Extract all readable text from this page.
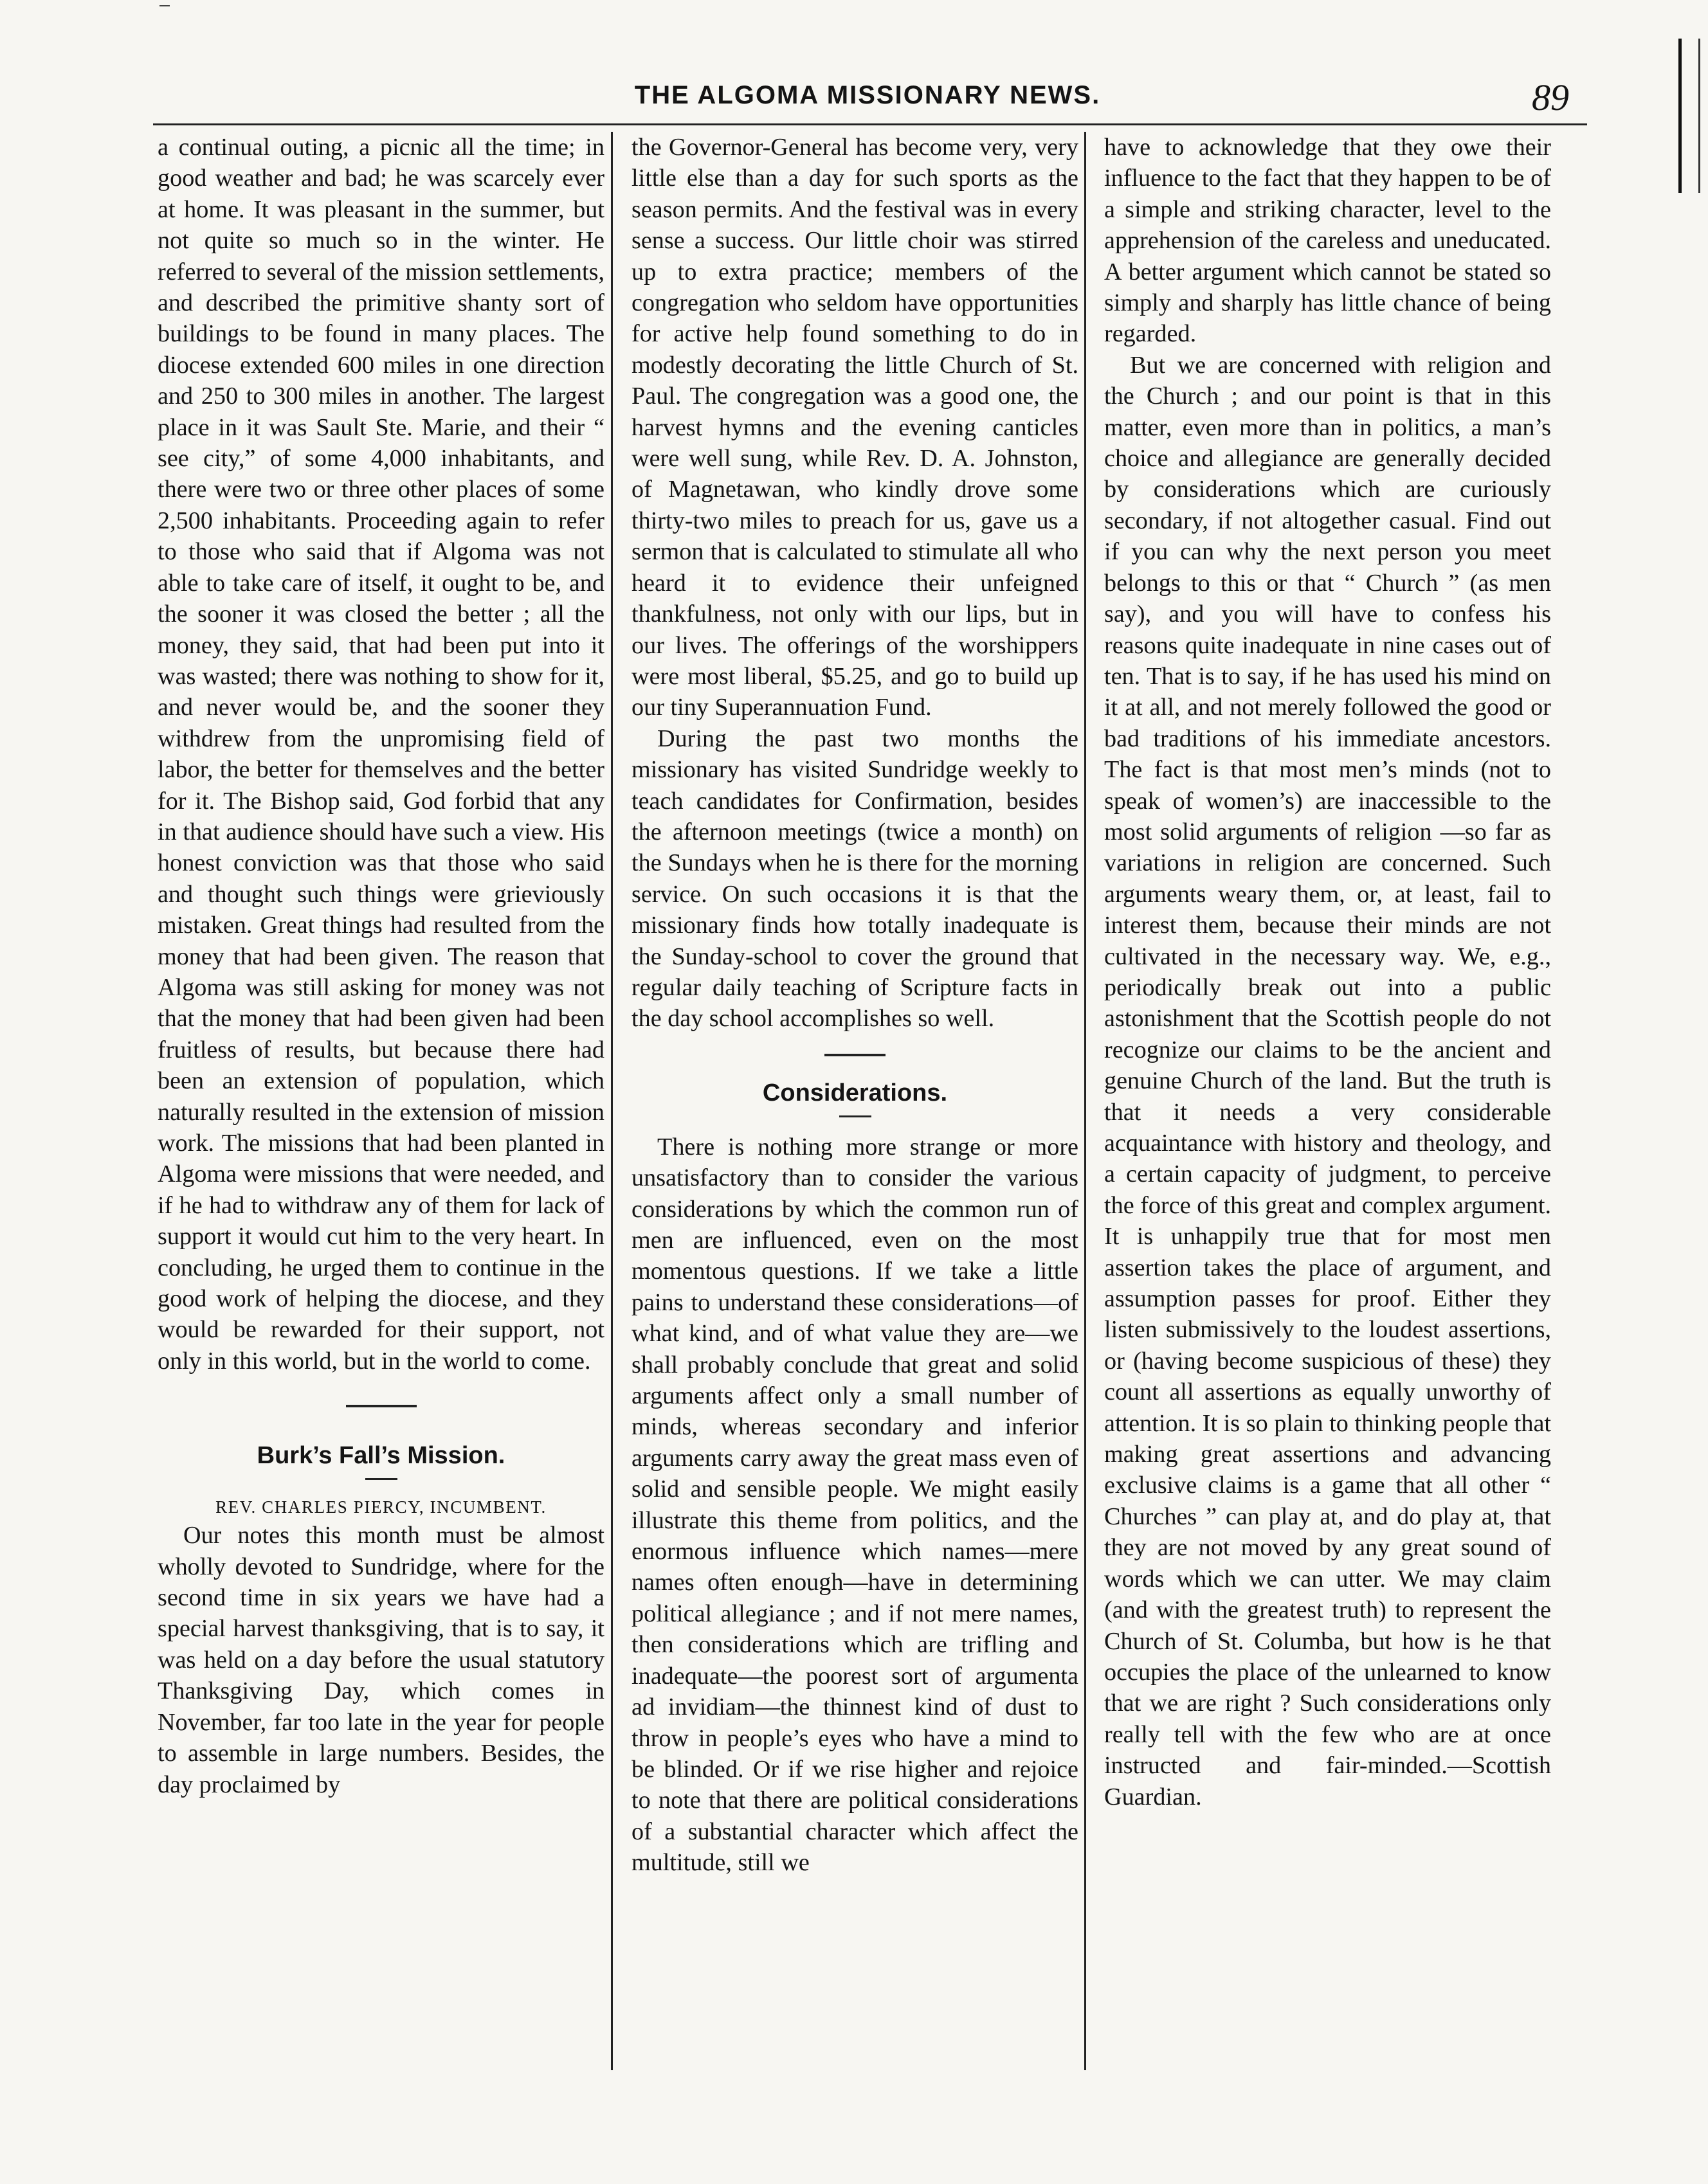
THE ALGOMA MISSIONARY NEWS.	89

a continual outing, a picnic all the time; in good weather and bad; he was scarcely ever at home. It was pleasant in the summer, but not quite so much so in the winter. He referred to several of the mission settlements, and described the primitive shanty sort of buildings to be found in many places. The diocese extended 600 miles in one direction and 250 to 300 miles in another. The largest place in it was Sault Ste. Marie, and their “ see city,” of some 4,000 inhabitants, and there were two or three other places of some 2,500 inhabitants. Proceeding again to refer to those who said that if Algoma was not able to take care of itself, it ought to be, and the sooner it was closed the better ; all the money, they said, that had been put into it was wasted; there was nothing to show for it, and never would be, and the sooner they withdrew from the unpromising field of labor, the better for themselves and the better for it. The Bishop said, God forbid that any in that audience should have such a view. His honest conviction was that those who said and thought such things were grieviously mistaken. Great things had resulted from the money that had been given. The reason that Algoma was still asking for money was not that the money that had been given had been fruitless of results, but because there had been an extension of population, which naturally resulted in the extension of mission work. The missions that had been planted in Algoma were missions that were needed, and if he had to withdraw any of them for lack of support it would cut him to the very heart. In concluding, he urged them to continue in the good work of helping the diocese, and they would be rewarded for their support, not only in this world, but in the world to come.

Burk’s Fall’s Mission.

REV. CHARLES PIERCY, INCUMBENT.

Our notes this month must be almost wholly devoted to Sundridge, where for the second time in six years we have had a special harvest thanksgiving, that is to say, it was held on a day before the usual statutory Thanksgiving Day, which comes in November, far too late in the year for people to assemble in large numbers. Besides, the day proclaimed by

the Governor-General has become very, very little else than a day for such sports as the season permits. And the festival was in every sense a success. Our little choir was stirred up to extra practice; members of the congregation who seldom have opportunities for active help found something to do in modestly decorating the little Church of St. Paul. The congregation was a good one, the harvest hymns and the evening canticles were well sung, while Rev. D. A. Johnston, of Magnetawan, who kindly drove some thirty-two miles to preach for us, gave us a sermon that is calculated to stimulate all who heard it to evidence their unfeigned thankfulness, not only with our lips, but in our lives. The offerings of the worshippers were most liberal, $5.25, and go to build up our tiny Superannuation Fund.

During the past two months the missionary has visited Sundridge weekly to teach candidates for Confirmation, besides the afternoon meetings (twice a month) on the Sundays when he is there for the morning service. On such occasions it is that the missionary finds how totally inadequate is the Sunday-school to cover the ground that regular daily teaching of Scripture facts in the day school accomplishes so well.

Considerations.

There is nothing more strange or more unsatisfactory than to consider the various considerations by which the common run of men are influenced, even on the most momentous questions. If we take a little pains to understand these considerations—of what kind, and of what value they are—we shall probably conclude that great and solid arguments affect only a small number of minds, whereas secondary and inferior arguments carry away the great mass even of solid and sensible people. We might easily illustrate this theme from politics, and the enormous influence which names—mere names often enough—have in determining political allegiance ; and if not mere names, then considerations which are trifling and inadequate—the poorest sort of argumenta ad invidiam—the thinnest kind of dust to throw in people’s eyes who have a mind to be blinded. Or if we rise higher and rejoice to note that there are political considerations of a substantial character which affect the multitude, still we

have to acknowledge that they owe their influence to the fact that they happen to be of a simple and striking character, level to the apprehension of the careless and uneducated. A better argument which cannot be stated so simply and sharply has little chance of being regarded.

But we are concerned with religion and the Church ; and our point is that in this matter, even more than in politics, a man’s choice and allegiance are generally decided by considerations which are curiously secondary, if not altogether casual. Find out if you can why the next person you meet belongs to this or that “ Church ” (as men say), and you will have to confess his reasons quite inadequate in nine cases out of ten. That is to say, if he has used his mind on it at all, and not merely followed the good or bad traditions of his immediate ancestors. The fact is that most men’s minds (not to speak of women’s) are inaccessible to the most solid arguments of religion —so far as variations in religion are concerned. Such arguments weary them, or, at least, fail to interest them, because their minds are not cultivated in the necessary way. We, e.g., periodically break out into a public astonishment that the Scottish people do not recognize our claims to be the ancient and genuine Church of the land. But the truth is that it needs a very considerable acquaintance with history and theology, and a certain capacity of judgment, to perceive the force of this great and complex argument. It is unhappily true that for most men assertion takes the place of argument, and assumption passes for proof. Either they listen submissively to the loudest assertions, or (having become suspicious of these) they count all assertions as equally unworthy of attention. It is so plain to thinking people that making great assertions and advancing exclusive claims is a game that all other “ Churches ” can play at, and do play at, that they are not moved by any great sound of words which we can utter. We may claim (and with the greatest truth) to represent the Church of St. Columba, but how is he that occupies the place of the unlearned to know that we are right ? Such considerations only really tell with the few who are at once instructed and fair-minded.—Scottish Guardian.
